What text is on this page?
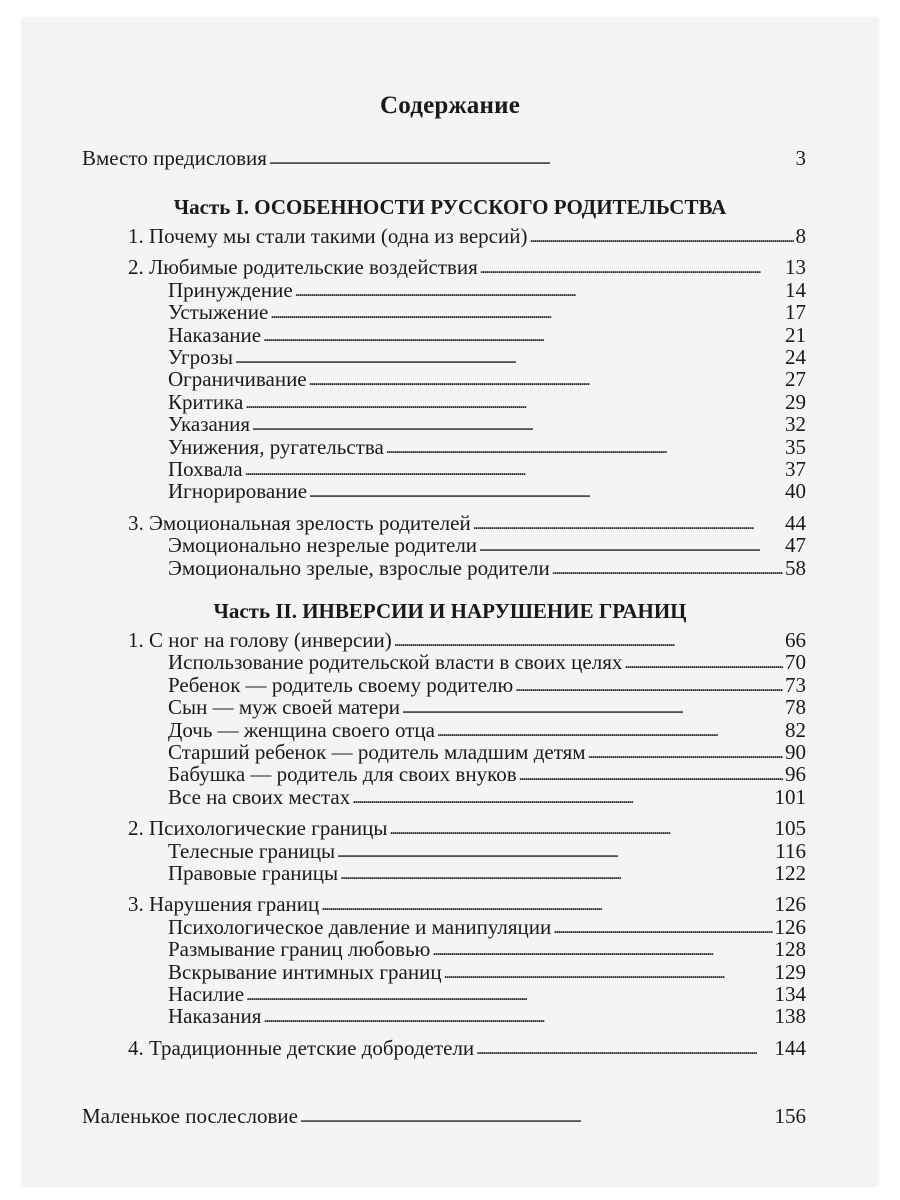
Содержание
Вместо предисловия . . .	3
Часть I. ОСОБЕННОСТИ РУССКОГО РОДИТЕЛЬСТВА
1. Почему мы стали такими (одна из версий) . . .	8
2. Любимые родительские воздействия . . .	13
Принуждение . . .	14
Устыжение . . .	17
Наказание . . .	21
Угрозы . . .	24
Ограничивание . . .	27
Критика . . .	29
Указания . . .	32
Унижения, ругательства . . .	35
Похвала . . .	37
Игнорирование . . .	40
3. Эмоциональная зрелость родителей . . .	44
Эмоционально незрелые родители . . .	47
Эмоционально зрелые, взрослые родители . . .	58
Часть II. ИНВЕРСИИ И НАРУШЕНИЕ ГРАНИЦ
1. С ног на голову (инверсии) . . .	66
Использование родительской власти в своих целях . . .	70
Ребенок — родитель своему родителю . . .	73
Сын — муж своей матери . . .	78
Дочь — женщина своего отца . . .	82
Старший ребенок — родитель младшим детям . . .	90
Бабушка — родитель для своих внуков . . .	96
Все на своих местах . . .	101
2. Психологические границы . . .	105
Телесные границы . . .	116
Правовые границы . . .	122
3. Нарушения границ . . .	126
Психологическое давление и манипуляции . . .	126
Размывание границ любовью . . .	128
Вскрывание интимных границ . . .	129
Насилие . . .	134
Наказания . . .	138
4. Традиционные детские добродетели . . .	144
Маленькое послесловие . . .	156
